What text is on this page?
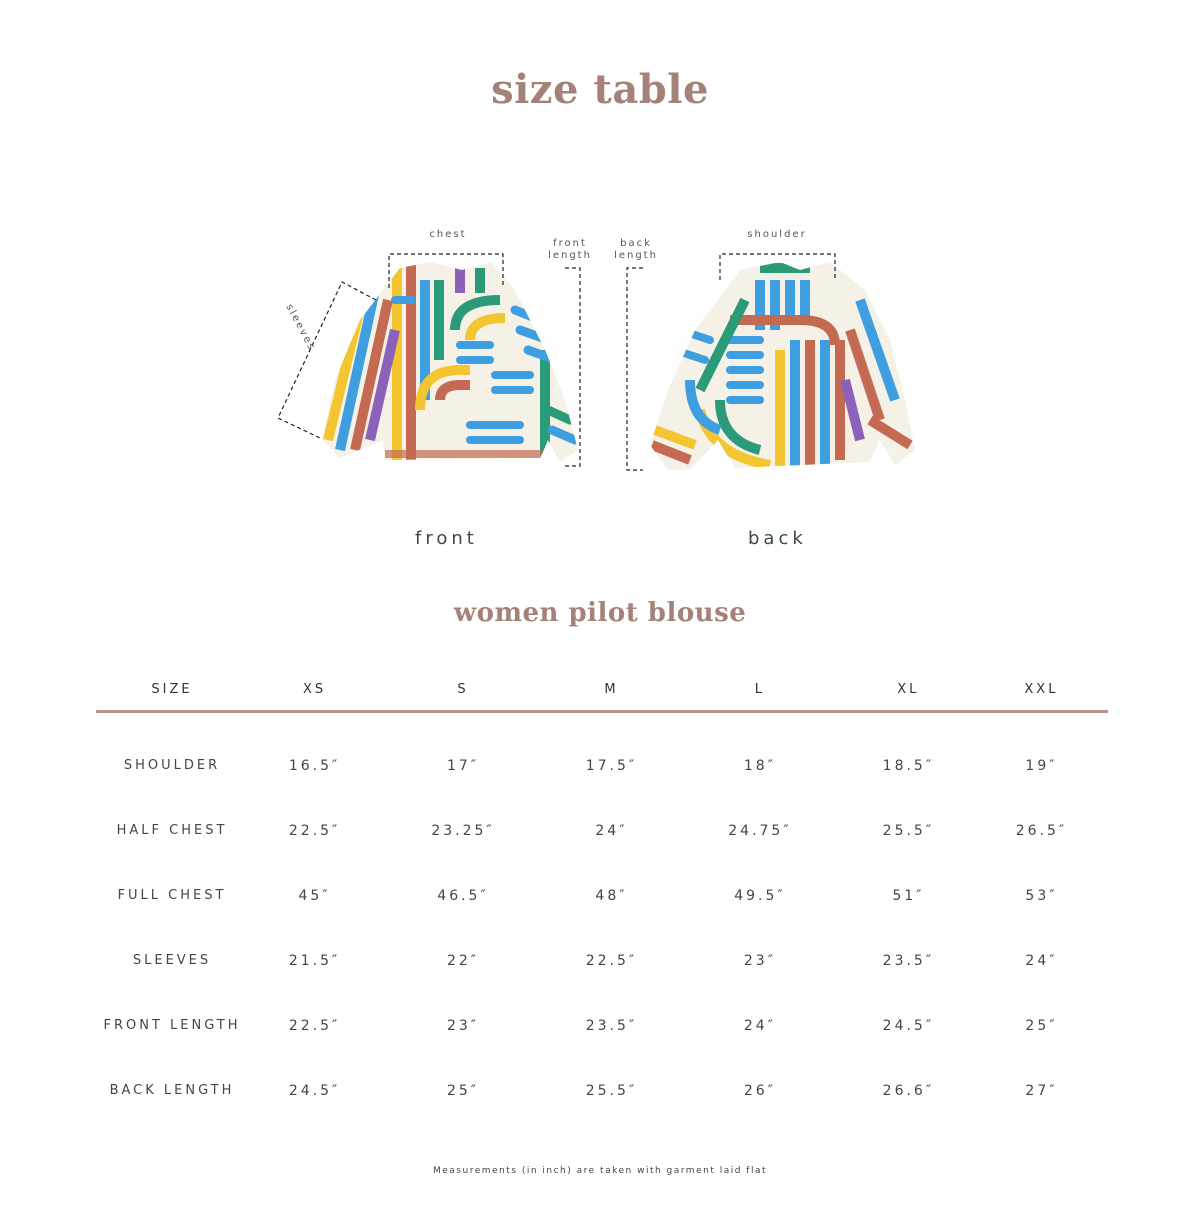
size table
chest
front
length
back
length
shoulder
sleeves
front	back
women pilot blouse
SIZE	XS	S	M	L	XL	XXL
SHOULDER	16.5″	17″	17.5″	18″	18.5″	19″
HALF CHEST	22.5″	23.25″	24″	24.75″	25.5″	26.5″
FULL CHEST	45″	46.5″	48″	49.5″	51″	53″
SLEEVES	21.5″	22″	22.5″	23″	23.5″	24″
FRONT LENGTH	22.5″	23″	23.5″	24″	24.5″	25″
BACK LENGTH	24.5″	25″	25.5″	26″	26.6″	27″
Measurements (in inch) are taken with garment laid flat
